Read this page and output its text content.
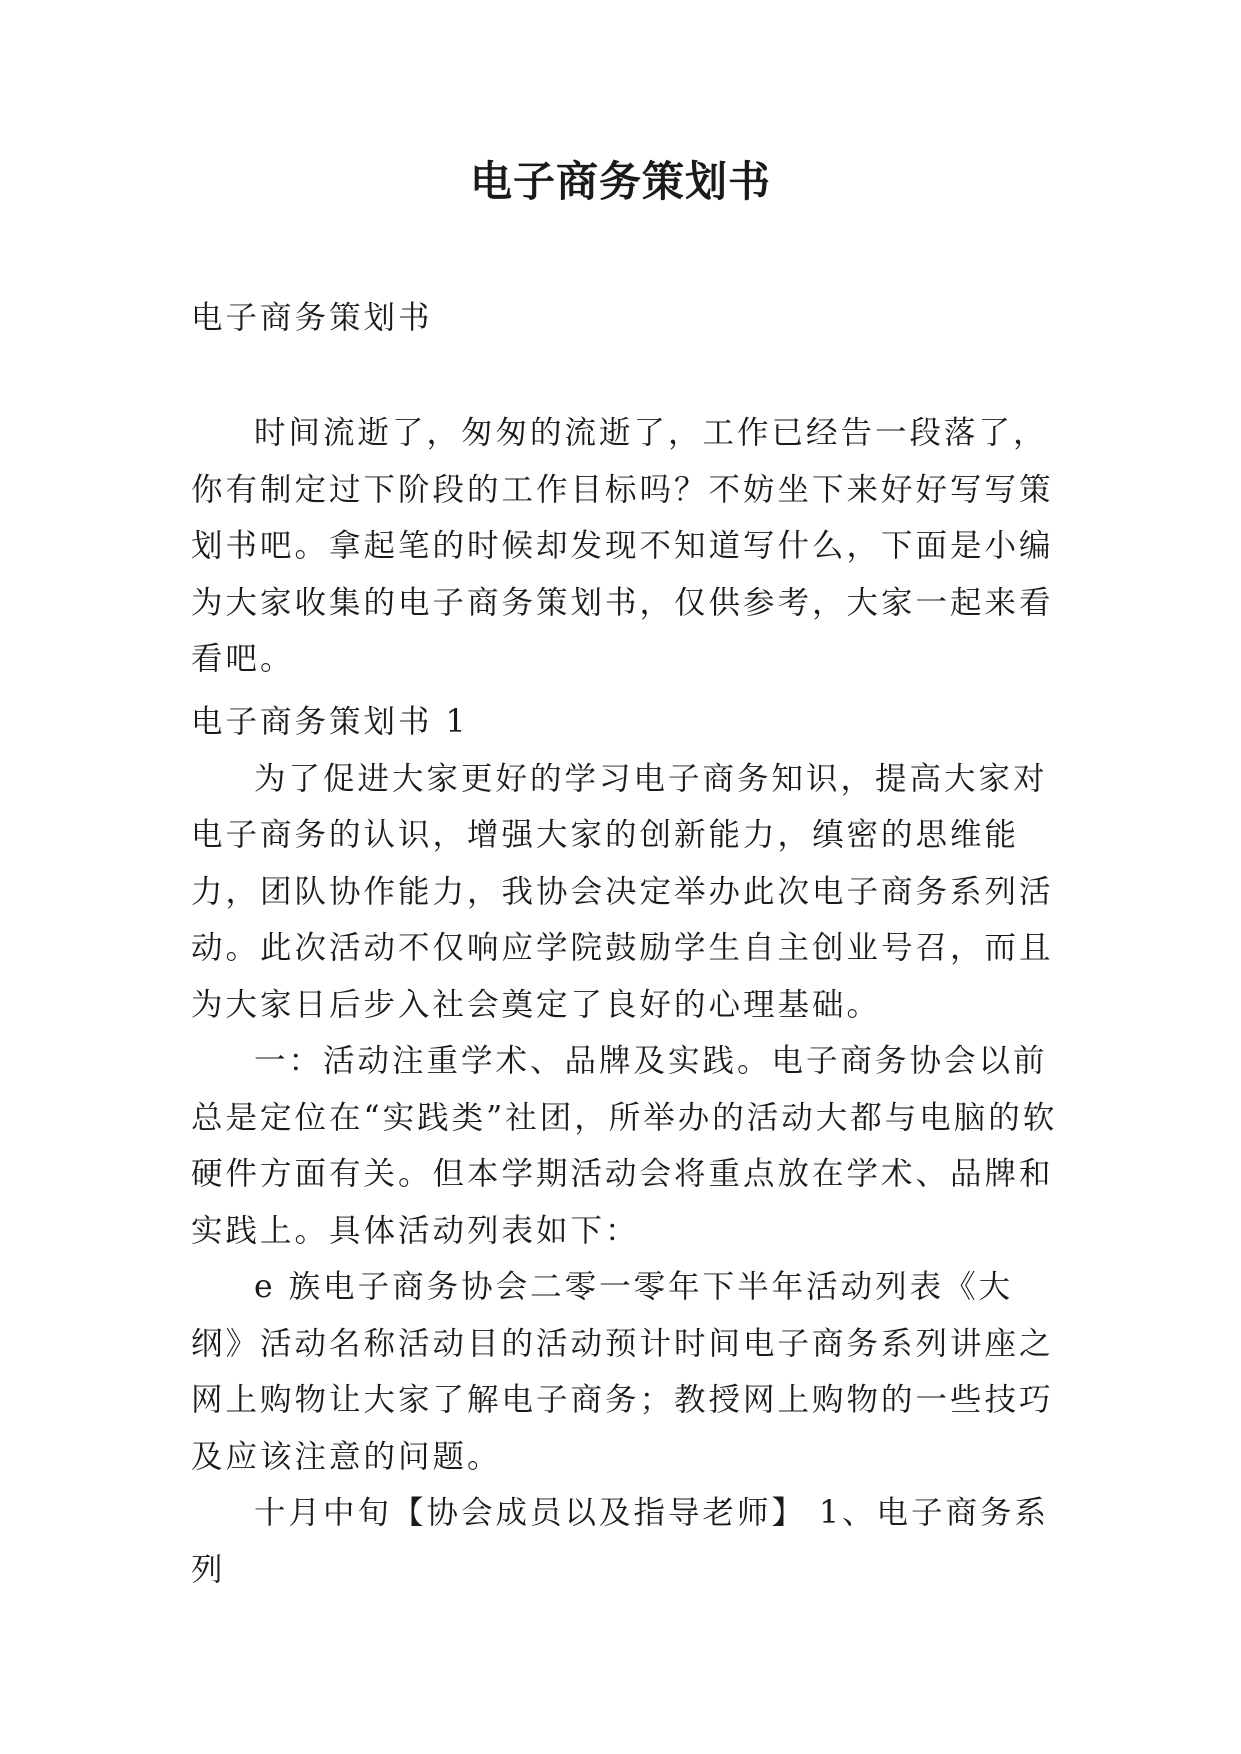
电子商务策划书

电子商务策划书

时间流逝了，匆匆的流逝了，工作已经告一段落了，你有制定过下阶段的工作目标吗？不妨坐下来好好写写策划书吧。拿起笔的时候却发现不知道写什么，下面是小编为大家收集的电子商务策划书，仅供参考，大家一起来看看吧。

电子商务策划书 1

为了促进大家更好的学习电子商务知识，提高大家对电子商务的认识，增强大家的创新能力，缜密的思维能力，团队协作能力，我协会决定举办此次电子商务系列活动。此次活动不仅响应学院鼓励学生自主创业号召，而且为大家日后步入社会奠定了良好的心理基础。

一：活动注重学术、品牌及实践。电子商务协会以前总是定位在“实践类”社团，所举办的活动大都与电脑的软硬件方面有关。但本学期活动会将重点放在学术、品牌和实践上。具体活动列表如下：

e 族电子商务协会二零一零年下半年活动列表《大纲》活动名称活动目的活动预计时间电子商务系列讲座之网上购物让大家了解电子商务；教授网上购物的一些技巧及应该注意的问题。

十月中旬【协会成员以及指导老师】 1、电子商务系列
